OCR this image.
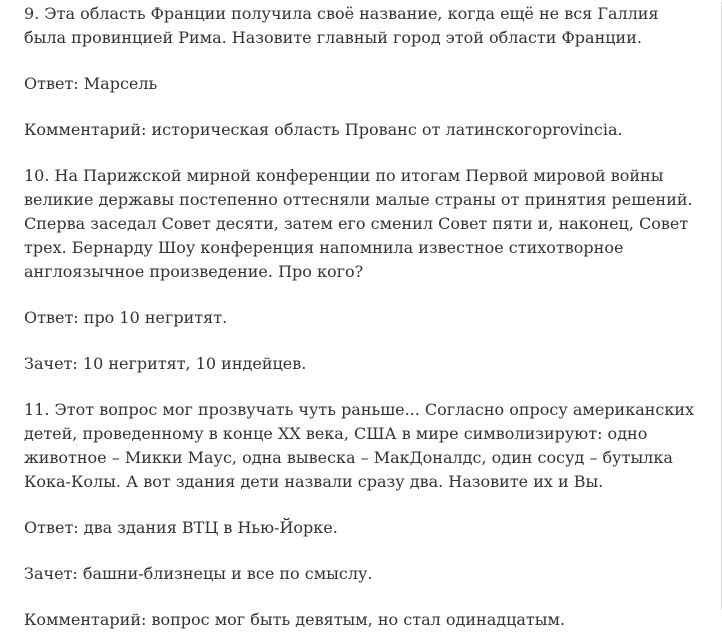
9. Эта область Франции получила своё название, когда ещё не вся Галлия была провинцией Рима. Назовите главный город этой области Франции.

Ответ: Марсель

Комментарий: историческая область Прованс от латинскогоprovincia.

10. На Парижской мирной конференции по итогам Первой мировой войны великие державы постепенно оттесняли малые страны от принятия решений. Сперва заседал Совет десяти, затем его сменил Совет пяти и, наконец, Совет трех. Бернарду Шоу конференция напомнила известное стихотворное англоязычное произведение. Про кого?

Ответ: про 10 негритят.

Зачет: 10 негритят, 10 индейцев.

11. Этот вопрос мог прозвучать чуть раньше... Согласно опросу американских детей, проведенному в конце XX века, США в мире символизируют: одно животное – Микки Маус, одна вывеска – МакДоналдс, один сосуд – бутылка Кока-Колы. А вот здания дети назвали сразу два. Назовите их и Вы.

Ответ: два здания ВТЦ в Нью-Йорке.

Зачет: башни-близнецы и все по смыслу.

Комментарий: вопрос мог быть девятым, но стал одинадцатым.
